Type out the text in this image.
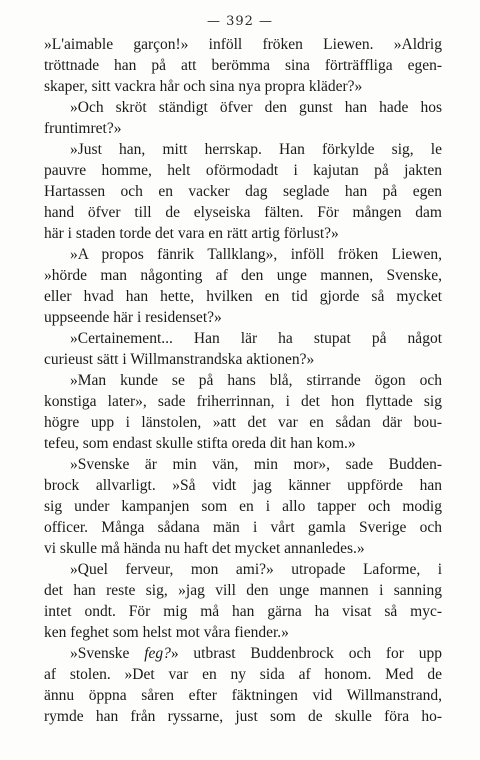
— 392 —
»L'aimable garçon!» inföll fröken Liewen. »Aldrig
tröttnade han på att berömma sina förträffliga egen-
skaper, sitt vackra hår och sina nya propra kläder?»
»Och skröt ständigt öfver den gunst han hade hos
fruntimret?»
»Just han, mitt herrskap. Han förkylde sig, le
pauvre homme, helt oförmodadt i kajutan på jakten
Hartassen och en vacker dag seglade han på egen
hand öfver till de elyseiska fälten. För mången dam
här i staden torde det vara en rätt artig förlust?»
»A propos fänrik Tallklang», inföll fröken Liewen,
»hörde man någonting af den unge mannen, Svenske,
eller hvad han hette, hvilken en tid gjorde så mycket
uppseende här i residenset?»
»Certainement... Han lär ha stupat på något
curieust sätt i Willmanstrandska aktionen?»
»Man kunde se på hans blå, stirrande ögon och
konstiga later», sade friherrinnan, i det hon flyttade sig
högre upp i länstolen, »att det var en sådan där bou-
tefeu, som endast skulle stifta oreda dit han kom.»
»Svenske är min vän, min mor», sade Budden-
brock allvarligt. »Så vidt jag känner uppförde han
sig under kampanjen som en i allo tapper och modig
officer. Många sådana män i vårt gamla Sverige och
vi skulle må hända nu haft det mycket annanledes.»
»Quel ferveur, mon ami?» utropade Laforme, i
det han reste sig, »jag vill den unge mannen i sanning
intet ondt. För mig må han gärna ha visat så myc-
ken feghet som helst mot våra fiender.»
»Svenske feg?» utbrast Buddenbrock och for upp
af stolen. »Det var en ny sida af honom. Med de
ännu öppna såren efter fäktningen vid Willmanstrand,
rymde han från ryssarne, just som de skulle föra ho-
